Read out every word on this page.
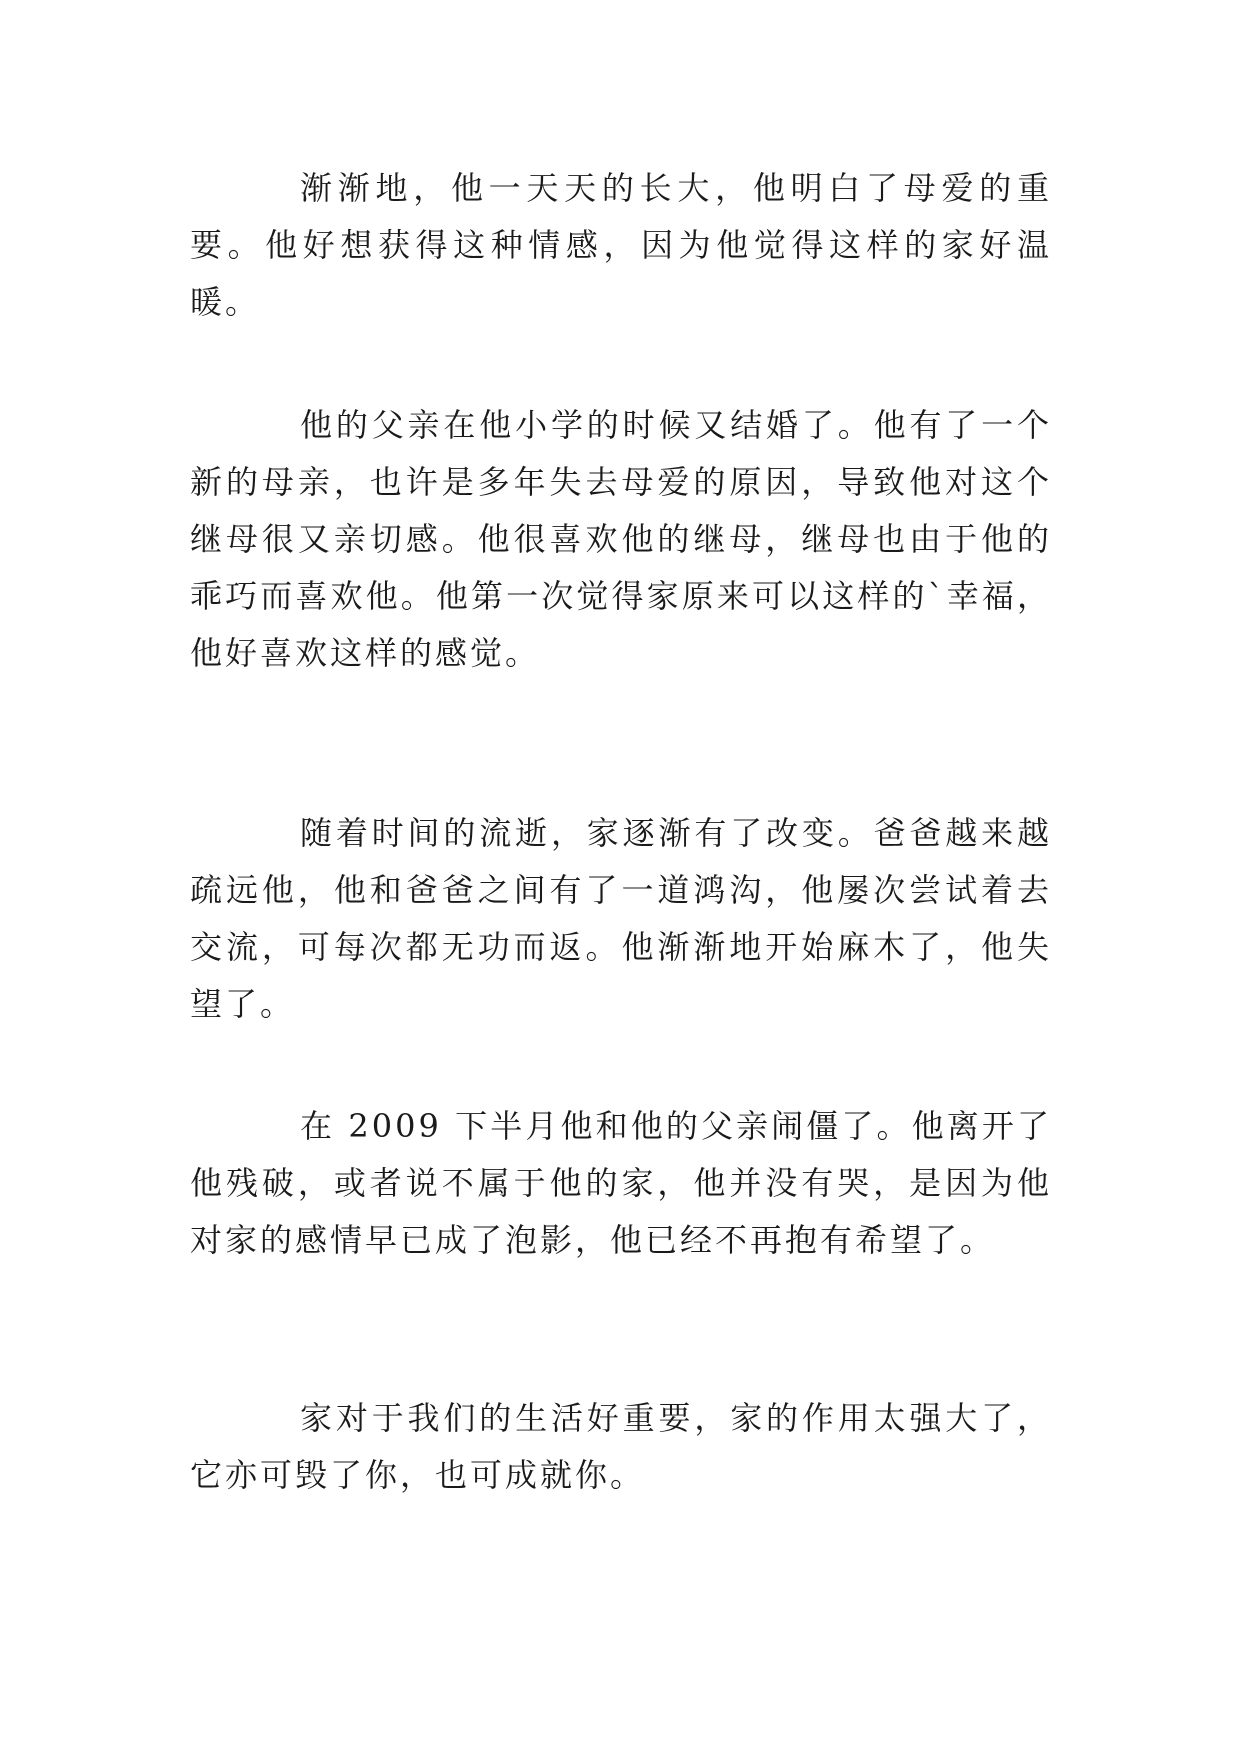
渐渐地，他一天天的长大，他明白了母爱的重要。他好想获得这种情感，因为他觉得这样的家好温暖。

他的父亲在他小学的时候又结婚了。他有了一个新的母亲，也许是多年失去母爱的原因，导致他对这个继母很又亲切感。他很喜欢他的继母，继母也由于他的乖巧而喜欢他。他第一次觉得家原来可以这样的`幸福，他好喜欢这样的感觉。

随着时间的流逝，家逐渐有了改变。爸爸越来越疏远他，他和爸爸之间有了一道鸿沟，他屡次尝试着去交流，可每次都无功而返。他渐渐地开始麻木了，他失望了。

在 2009 下半月他和他的父亲闹僵了。他离开了他残破，或者说不属于他的家，他并没有哭，是因为他对家的感情早已成了泡影，他已经不再抱有希望了。

家对于我们的生活好重要，家的作用太强大了，它亦可毁了你，也可成就你。
